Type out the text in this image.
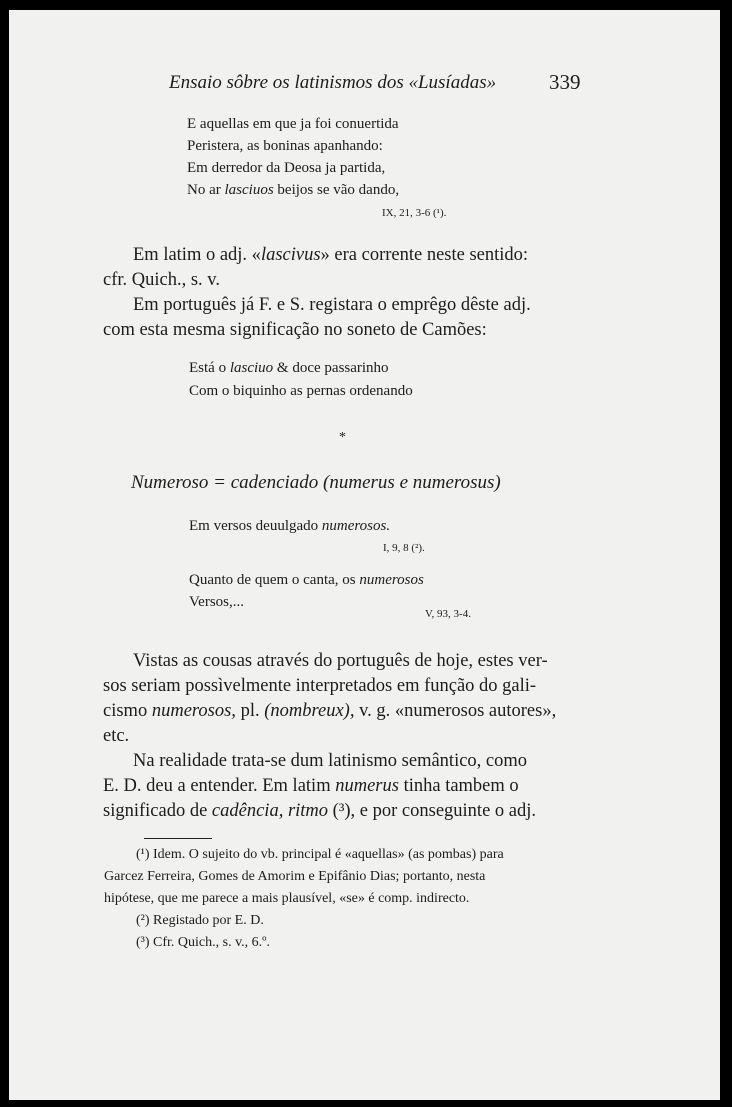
Ensaio sôbre os latinismos dos «Lusíadas»	339
E aquellas em que ja foi conuertida
Peristera, as boninas apanhando:
Em derredor da Deosa ja partida,
No ar lasciuos beijos se vão dando,
IX, 21, 3-6 (¹).
Em latim o adj. «lascivus» era corrente neste sentido:
cfr. Quich., s. v.
Em português já F. e S. registara o emprêgo dêste adj.
com esta mesma significação no soneto de Camões:
Está o lasciuo & doce passarinho
Com o biquinho as pernas ordenando
*
Numeroso = cadenciado (numerus e numerosus)
Em versos deuulgado numerosos.
I, 9, 8 (²).
Quanto de quem o canta, os numerosos
Versos,...
V, 93, 3-4.
Vistas as cousas através do português de hoje, estes ver-
sos seriam possìvelmente interpretados em função do gali-
cismo numerosos, pl. (nombreux), v. g. «numerosos autores»,
etc.
Na realidade trata-se dum latinismo semântico, como
E. D. deu a entender. Em latim numerus tinha tambem o
significado de cadência, ritmo (³), e por conseguinte o adj.
(¹) Idem. O sujeito do vb. principal é «aquellas» (as pombas) para
Garcez Ferreira, Gomes de Amorim e Epifânio Dias; portanto, nesta
hipótese, que me parece a mais plausível, «se» é comp. indirecto.
(²) Registado por E. D.
(³) Cfr. Quich., s. v., 6.º.
